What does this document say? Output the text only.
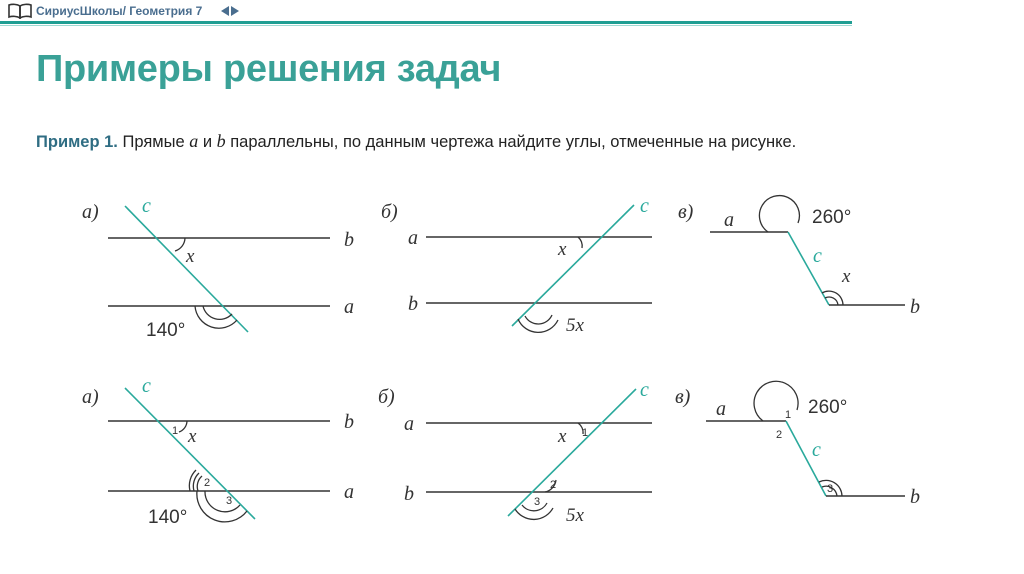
СириусШколы/ Геометрия 7
Примеры решения задач
Пример 1. Прямые a и b параллельны, по данным чертежа найдите углы, отмеченные на рисунке.
а) c
b
a
x
140°
б)	c
a
b
x
5x
в) a
c
b
260°
x
а) c
b
a
1 x
2
3
140°
б)	c
a
b
1
x
2
3
5x
в)
a
c
b
1
2
260°
3
